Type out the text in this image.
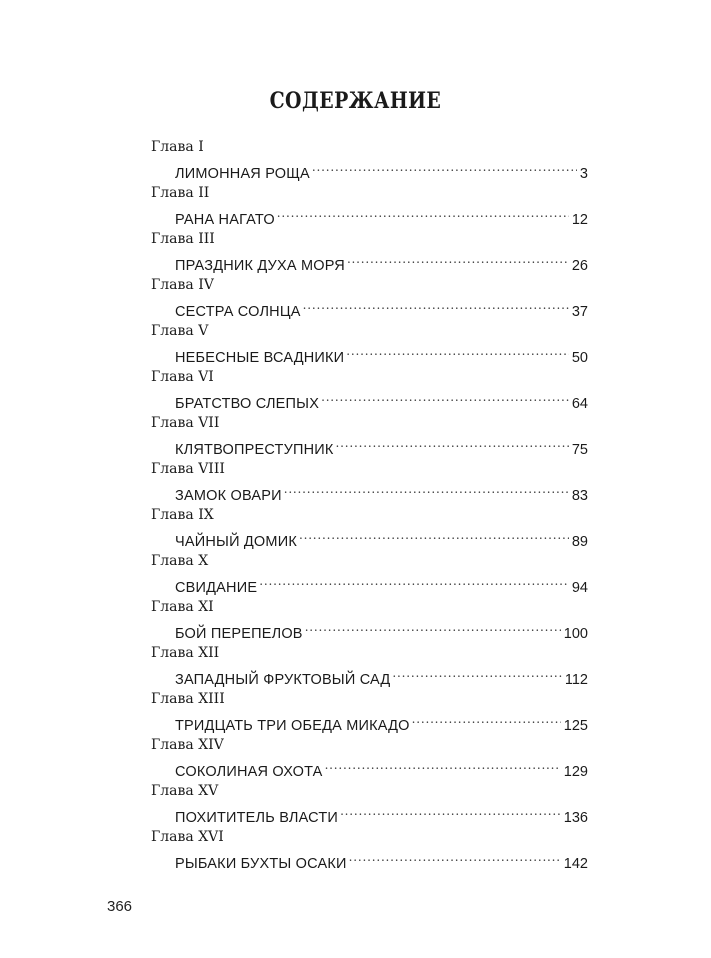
СОДЕРЖАНИЕ
Глава I
ЛИМОННАЯ РОЩА .....	3
Глава II
РАНА НАГАТО .....	12
Глава III
ПРАЗДНИК ДУХА МОРЯ .....	26
Глава IV
СЕСТРА СОЛНЦА .....	37
Глава V
НЕБЕСНЫЕ ВСАДНИКИ .....	50
Глава VI
БРАТСТВО СЛЕПЫХ .....	64
Глава VII
КЛЯТВОПРЕСТУПНИК .....	75
Глава VIII
ЗАМОК ОВАРИ .....	83
Глава IX
ЧАЙНЫЙ ДОМИК .....	89
Глава X
СВИДАНИЕ .....	94
Глава XI
БОЙ ПЕРЕПЕЛОВ .....	100
Глава XII
ЗАПАДНЫЙ ФРУКТОВЫЙ САД .....	112
Глава XIII
ТРИДЦАТЬ ТРИ ОБЕДА МИКАДО .....	125
Глава XIV
СОКОЛИНАЯ ОХОТА .....	129
Глава XV
ПОХИТИТЕЛЬ ВЛАСТИ .....	136
Глава XVI
РЫБАКИ БУХТЫ ОСАКИ .....	142
366
